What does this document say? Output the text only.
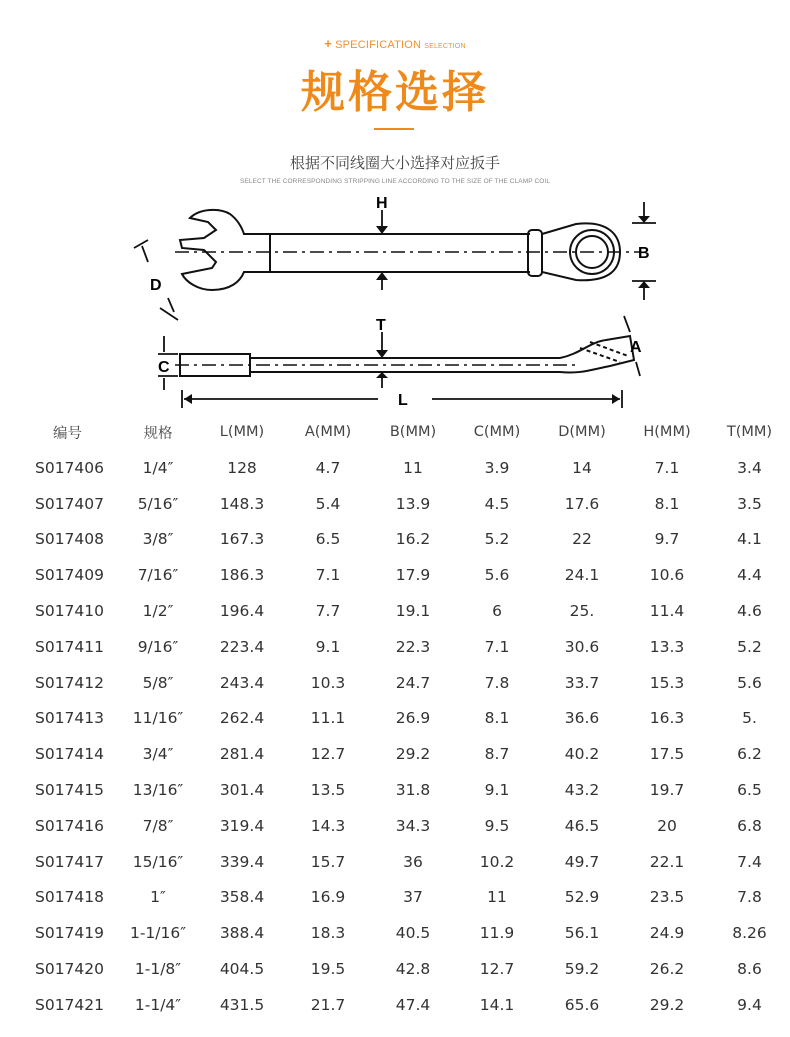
+ SPECIFICATION SELECTION
规格选择
根据不同线圈大小选择对应扳手
SELECT THE CORRESPONDING STRIPPING LINE ACCORDING TO THE SIZE OF THE CLAMP COIL
H
B
D
T
C
A
L
编号	规格	L(MM)	A(MM)	B(MM)	C(MM)	D(MM)	H(MM)	T(MM)
S017406	1/4″	128	4.7	11	3.9	14	7.1	3.4
S017407	5/16″	148.3	5.4	13.9	4.5	17.6	8.1	3.5
S017408	3/8″	167.3	6.5	16.2	5.2	22	9.7	4.1
S017409	7/16″	186.3	7.1	17.9	5.6	24.1	10.6	4.4
S017410	1/2″	196.4	7.7	19.1	6	25.	11.4	4.6
S017411	9/16″	223.4	9.1	22.3	7.1	30.6	13.3	5.2
S017412	5/8″	243.4	10.3	24.7	7.8	33.7	15.3	5.6
S017413	11/16″	262.4	11.1	26.9	8.1	36.6	16.3	5.
S017414	3/4″	281.4	12.7	29.2	8.7	40.2	17.5	6.2
S017415	13/16″	301.4	13.5	31.8	9.1	43.2	19.7	6.5
S017416	7/8″	319.4	14.3	34.3	9.5	46.5	20	6.8
S017417	15/16″	339.4	15.7	36	10.2	49.7	22.1	7.4
S017418	1″	358.4	16.9	37	11	52.9	23.5	7.8
S017419	1-1/16″	388.4	18.3	40.5	11.9	56.1	24.9	8.26
S017420	1-1/8″	404.5	19.5	42.8	12.7	59.2	26.2	8.6
S017421	1-1/4″	431.5	21.7	47.4	14.1	65.6	29.2	9.4
